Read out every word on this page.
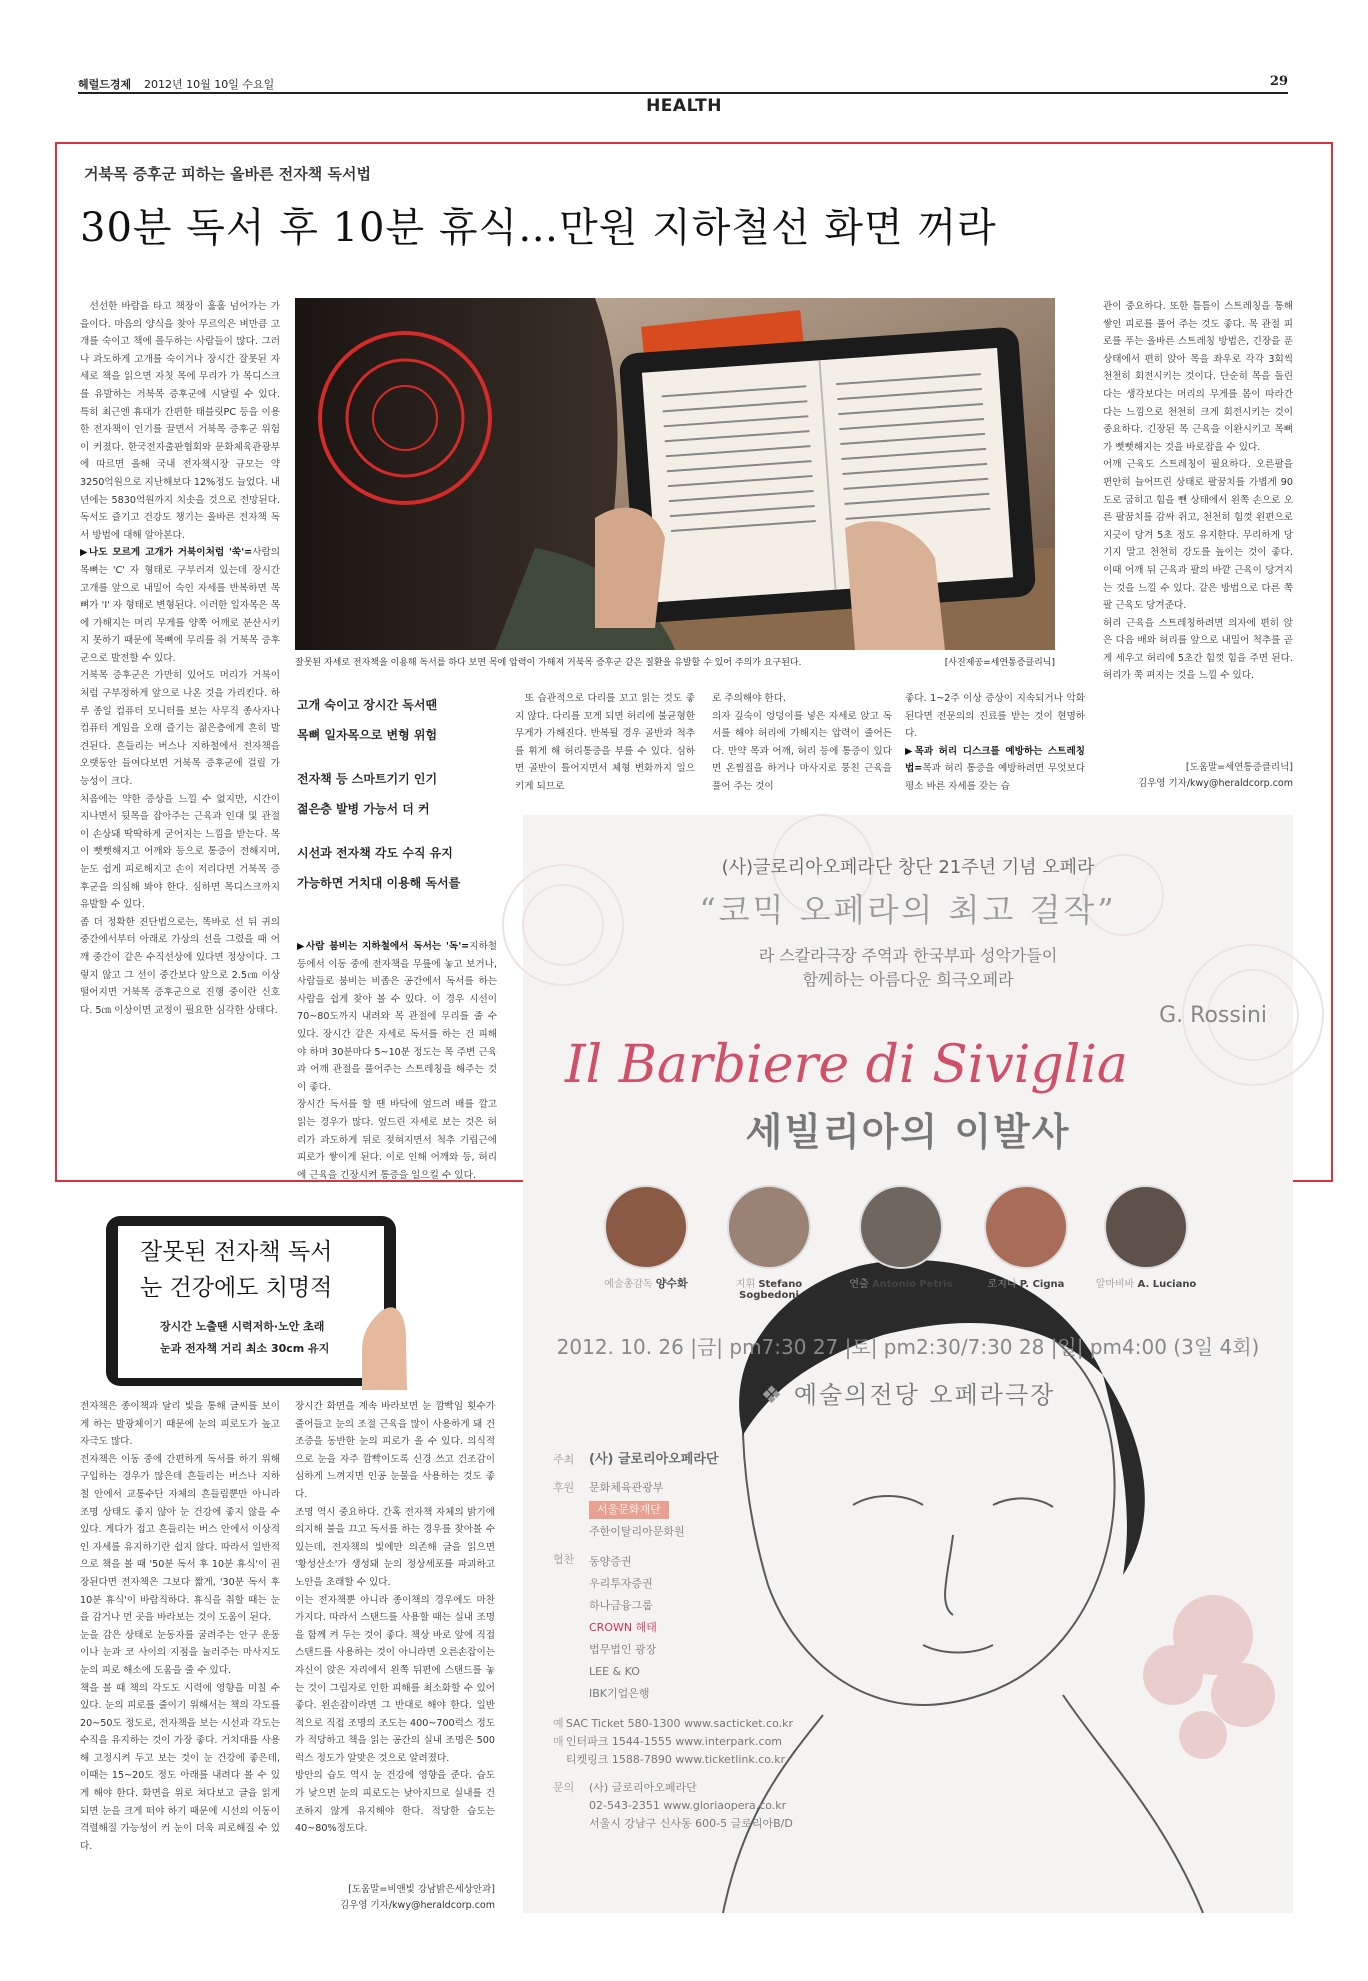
헤럴드경제 2012년 10월 10일 수요일	29
HEALTH
거북목 증후군 피하는 올바른 전자책 독서법
30분 독서 후 10분 휴식…만원 지하철선 화면 꺼라

선선한 바람을 타고 책장이 훌훌 넘어가는 가을이다. 마음의 양식을 찾아 무르익은 벼만큼 고개를 숙이고 책에 몰두하는 사람들이 많다. 그러나 과도하게 고개를 숙이거나 장시간 잘못된 자세로 책을 읽으면 자칫 목에 무리가 가 목디스크를 유발하는 거북목 증후군에 시달릴 수 있다. 특히 최근엔 휴대가 간편한 태블릿PC 등을 이용한 전자책이 인기를 끌면서 거북목 증후군 위험이 커졌다. 한국전자출판협회와 문화체육관광부에 따르면 올해 국내 전자책시장 규모는 약 3250억원으로 지난해보다 12%정도 늘었다. 내년에는 5830억원까지 치솟을 것으로 전망된다. 독서도 즐기고 건강도 챙기는 올바른 전자책 독서 방법에 대해 알아본다.

▶나도 모르게 고개가 거북이처럼 '쑥'=사람의 목뼈는 'C' 자 형태로 구부러져 있는데 장시간 고개를 앞으로 내밀어 숙인 자세를 반복하면 목뼈가 'I' 자 형태로 변형된다. 이러한 일자목은 목에 가해지는 머리 무게를 양쪽 어깨로 분산시키지 못하기 때문에 목뼈에 무리를 줘 거북목 증후군으로 발전할 수 있다.
거북목 증후군은 가만히 있어도 머리가 거북이처럼 구부정하게 앞으로 나온 것을 가리킨다. 하루 종일 컴퓨터 모니터를 보는 사무직 종사자나 컴퓨터 게임을 오래 즐기는 젊은층에게 흔히 발견된다. 흔들리는 버스나 지하철에서 전자책을 오랫동안 들여다보면 거북목 증후군에 걸릴 가능성이 크다.
처음에는 약한 증상을 느낄 수 없지만, 시간이 지나면서 뒷목을 잡아주는 근육과 인대 및 관절이 손상돼 딱딱하게 굳어지는 느낌을 받는다. 목이 뻣뻣해지고 어깨와 등으로 통증이 전해지며, 눈도 쉽게 피로해지고 손이 저리다면 거북목 증후군을 의심해 봐야 한다. 심하면 목디스크까지 유발할 수 있다.
좀 더 정확한 진단법으로는, 똑바로 선 뒤 귀의 중간에서부터 아래로 가상의 선을 그렸을 때 어깨 중간이 같은 수직선상에 있다면 정상이다. 그렇지 않고 그 선이 중간보다 앞으로 2.5㎝ 이상 떨어지면 거북목 증후군으로 진행 중이란 신호다. 5㎝ 이상이면 교정이 필요한 심각한 상태다.

잘못된 자세로 전자책을 이용해 독서를 하다 보면 목에 압력이 가해져 거북목 증후군 같은 질환을 유발할 수 있어 주의가 요구된다.	[사진제공=세연통증클리닉]
고개 숙이고 장시간 독서땐
목뼈 일자목으로 변형 위험
전자책 등 스마트기기 인기
젊은층 발병 가능서 더 커
시선과 전자책 각도 수직 유지
가능하면 거치대 이용해 독서를

▶사람 붐비는 지하철에서 독서는 '독'=지하철 등에서 이동 중에 전자책을 무릎에 놓고 보거나, 사람들로 붐비는 비좁은 공간에서 독서를 하는 사람을 쉽게 찾아 볼 수 있다. 이 경우 시선이 70~80도까지 내려와 목 관절에 무리를 줄 수 있다. 장시간 같은 자세로 독서를 하는 건 피해야 하며 30분마다 5~10분 정도는 목 주변 근육과 어깨 관절을 풀어주는 스트레칭을 해주는 것이 좋다.
장시간 독서를 할 땐 바닥에 엎드려 배를 깔고 읽는 경우가 많다. 엎드린 자세로 보는 것은 허리가 과도하게 뒤로 젖혀지면서 척추 기립근에 피로가 쌓이게 된다. 이로 인해 어깨와 등, 허리에 근육을 긴장시켜 통증을 일으킬 수 있다.

또 습관적으로 다리를 꼬고 읽는 것도 좋지 않다. 다리를 꼬게 되면 허리에 불균형한 무게가 가해진다. 반복될 경우 골반과 척추를 휘게 해 허리통증을 부를 수 있다. 심하면 골반이 틀어지면서 체형 변화까지 일으키게 되므로

로 주의해야 한다.
의자 깊숙이 엉덩이를 넣은 자세로 앉고 독서를 해야 허리에 가해지는 압력이 줄어든다. 만약 목과 어깨, 허리 등에 통증이 있다면 온찜질을 하거나 마사지로 뭉친 근육을 풀어 주는 것이

좋다. 1~2주 이상 증상이 지속되거나 악화된다면 전문의의 진료를 받는 것이 현명하다.

▶목과 허리 디스크를 예방하는 스트레칭 법=목과 허리 통증을 예방하려면 무엇보다 평소 바른 자세를 갖는 습

관이 중요하다. 또한 틈틈이 스트레칭을 통해 쌓인 피로를 풀어 주는 것도 좋다. 목 관절 피로를 푸는 올바른 스트레칭 방법은, 긴장을 푼 상태에서 편히 앉아 목을 좌우로 각각 3회씩 천천히 회전시키는 것이다. 단순히 목을 돌린다는 생각보다는 머리의 무게를 몸이 따라간다는 느낌으로 천천히 크게 회전시키는 것이 중요하다. 긴장된 목 근육을 이완시키고 목뼈가 뻣뻣해지는 것을 바로잡을 수 있다.
어깨 근육도 스트레칭이 필요하다. 오른팔을 편안히 늘어뜨린 상태로 팔꿈치를 가볍게 90도로 굽히고 힘을 뺀 상태에서 왼쪽 손으로 오른 팔꿈치를 감싸 쥐고, 천천히 힘껏 왼편으로 지긋이 당겨 5초 정도 유지한다. 무리하게 당기지 말고 천천히 강도를 높이는 것이 좋다. 이때 어깨 뒤 근육과 팔의 바깥 근육이 당겨지는 것을 느낄 수 있다. 같은 방법으로 다른 쪽 팔 근육도 당겨준다.
허리 근육을 스트레칭하려면 의자에 편히 앉은 다음 배와 허리를 앞으로 내밀어 척추를 곧게 세우고 허리에 5초간 힘껏 힘을 주면 된다. 허리가 쭉 펴지는 것을 느낄 수 있다.

[도움말=세연통증클리닉]
김우영 기자/kwy@heraldcorp.com
잘못된 전자책 독서
눈 건강에도 치명적
장시간 노출땐 시력저하·노안 초래
눈과 전자책 거리 최소 30cm 유지

전자책은 종이책과 달리 빛을 통해 글씨를 보이게 하는 발광체이기 때문에 눈의 피로도가 높고 자극도 많다.
전자책은 이동 중에 간편하게 독서를 하기 위해 구입하는 경우가 많은데 흔들리는 버스나 지하철 안에서 교통수단 자체의 흔들림뿐만 아니라 조명 상태도 좋지 않아 눈 건강에 좋지 않을 수 있다. 게다가 접고 흔들리는 버스 안에서 이상적인 자세를 유지하기란 쉽지 않다. 따라서 일반적으로 책을 볼 때 '50분 독서 후 10분 휴식'이 권장된다면 전자책은 그보다 짧게, '30분 독서 후 10분 휴식'이 바람직하다. 휴식을 취할 때는 눈을 감거나 먼 곳을 바라보는 것이 도움이 된다.
눈을 감은 상태로 눈동자를 굴려주는 안구 운동이나 눈과 코 사이의 지점을 눌러주는 마사지도 눈의 피로 해소에 도움을 줄 수 있다.
책을 볼 때 책의 각도도 시력에 영향을 미칠 수 있다. 눈의 피로를 줄이기 위해서는 책의 각도를 20~50도 정도로, 전자책을 보는 시선과 각도는 수직을 유지하는 것이 가장 좋다. 거치대를 사용해 고정시켜 두고 보는 것이 눈 건강에 좋은데, 이때는 15~20도 정도 아래를 내려다 볼 수 있게 해야 한다. 화면을 위로 쳐다보고 글을 읽게 되면 눈을 크게 떠야 하기 때문에 시선의 이동이 격렬해질 가능성이 커 눈이 더욱 피로해질 수 있다.

장시간 화면을 계속 바라보면 눈 깜빡임 횟수가 줄어들고 눈의 조절 근육을 많이 사용하게 돼 건조증을 동반한 눈의 피로가 올 수 있다. 의식적으로 눈을 자주 깜빡이도록 신경 쓰고 건조감이 심하게 느껴지면 인공 눈물을 사용하는 것도 좋다.
조명 역시 중요하다. 간혹 전자책 자체의 밝기에 의지해 불을 끄고 독서를 하는 경우를 찾아볼 수 있는데, 전자책의 빛에만 의존해 글을 읽으면 '황성산소'가 생성돼 눈의 정상세포를 파괴하고 노안을 초래할 수 있다.
이는 전자책뿐 아니라 종이책의 경우에도 마찬가지다. 따라서 스탠드를 사용할 때는 실내 조명을 함께 켜 두는 것이 좋다. 책상 바로 앞에 직접 스탠드를 사용하는 것이 아니라면 오른손잡이는 자신이 앉은 자리에서 왼쪽 뒤편에 스탠드를 놓는 것이 그림자로 인한 피해를 최소화할 수 있어 좋다. 왼손잡이라면 그 반대로 해야 한다. 일반적으로 직접 조명의 조도는 400~700럭스 정도가 적당하고 책을 읽는 공간의 실내 조명은 500럭스 정도가 알맞은 것으로 알려졌다.
방안의 습도 역시 눈 건강에 영향을 준다. 습도가 낮으면 눈의 피로도는 낮아지므로 실내를 건조하지 않게 유지해야 한다. 적당한 습도는 40~80%정도다.

[도움말=비앤빛 강남밝은세상안과]
김우영 기자/kwy@heraldcorp.com
(사)글로리아오페라단 창단 21주년 기념 오페라
“코믹 오페라의 최고 걸작”
라 스칼라극장 주역과 한국부파 성악가들이
함께하는 아름다운 희극오페라
G. Rossini
Il Barbiere di Siviglia
세빌리아의 이발사
예술총감독 양수화	지휘 Stefano Sogbedoni
연출 Antonio Petris	로지나 P. Cigna	알마비바 A. Luciano
2012. 10. 26 |금| pm7:30 27 |토| pm2:30/7:30 28 |일| pm4:00 (3일 4회)
❖ 예술의전당 오페라극장
주최 (사) 글로리아오페라단
후원	문화체육관광부
서울문화재단
주한이탈리아문화원
협찬	동양증권
우리투자증권
하나금융그룹
CROWN 해태
법무법인 광장
LEE & KO
IBK기업은행
예매
SAC Ticket 580-1300 www.sacticket.co.kr
인터파크 1544-1555 www.interpark.com
티켓링크 1588-7890 www.ticketlink.co.kr
문의	(사) 글로리아오페라단
02-543-2351 www.gloriaopera.co.kr
서울시 강남구 신사동 600-5 글로리아B/D
